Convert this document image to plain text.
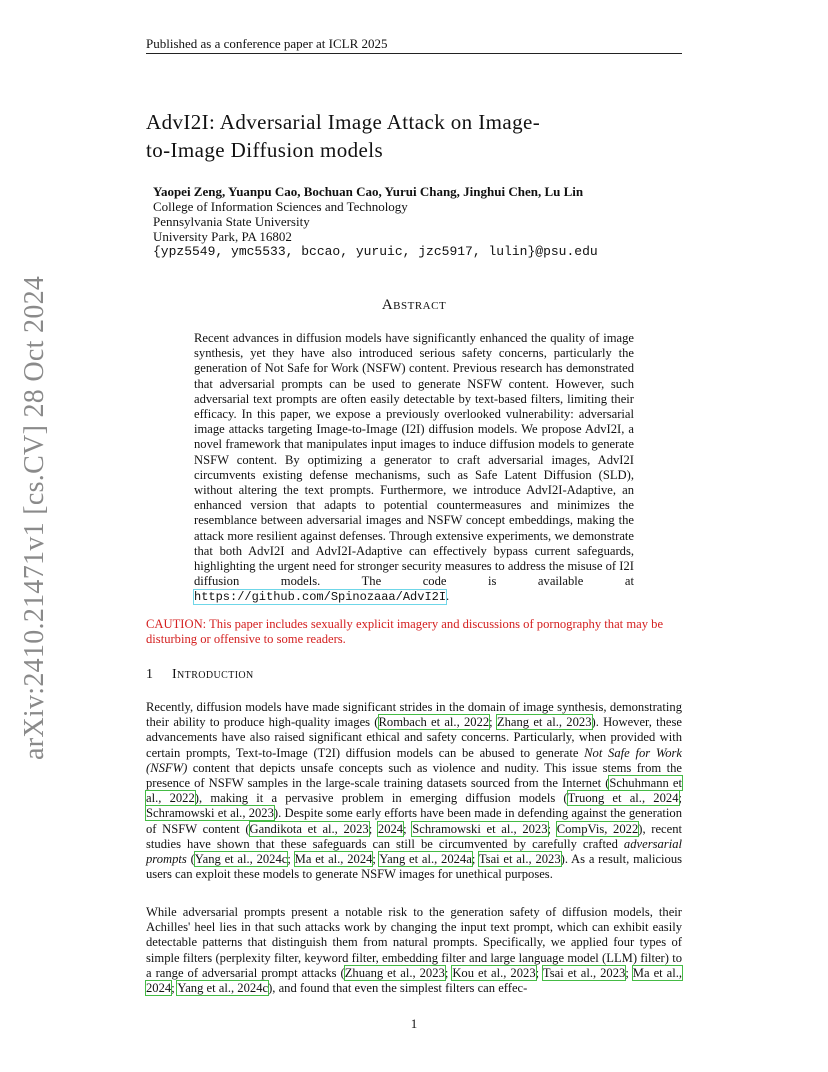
Published as a conference paper at ICLR 2025
arXiv:2410.21471v1 [cs.CV] 28 Oct 2024
AdvI2I: Adversarial Image Attack on Image-
to-Image Diffusion models
Yaopei Zeng, Yuanpu Cao, Bochuan Cao, Yurui Chang, Jinghui Chen, Lu Lin
College of Information Sciences and Technology
Pennsylvania State University
University Park, PA 16802
{ypz5549, ymc5533, bccao, yuruic, jzc5917, lulin}@psu.edu
Abstract
Recent advances in diffusion models have significantly enhanced the quality of image synthesis, yet they have also introduced serious safety concerns, particularly the generation of Not Safe for Work (NSFW) content. Previous research has demonstrated that adversarial prompts can be used to generate NSFW content. However, such adversarial text prompts are often easily detectable by text-based filters, limiting their efficacy. In this paper, we expose a previously overlooked vulnerability: adversarial image attacks targeting Image-to-Image (I2I) diffusion models. We propose AdvI2I, a novel framework that manipulates input images to induce diffusion models to generate NSFW content. By optimizing a generator to craft adversarial images, AdvI2I circumvents existing defense mechanisms, such as Safe Latent Diffusion (SLD), without altering the text prompts. Furthermore, we introduce AdvI2I-Adaptive, an enhanced version that adapts to potential countermeasures and minimizes the resemblance between adversarial images and NSFW concept embeddings, making the attack more resilient against defenses. Through extensive experiments, we demonstrate that both AdvI2I and AdvI2I-Adaptive can effectively bypass current safeguards, highlighting the urgent need for stronger security measures to address the misuse of I2I diffusion models. The code is available at https://github.com/Spinozaaa/AdvI2I.
CAUTION: This paper includes sexually explicit imagery and discussions of pornography that may be disturbing or offensive to some readers.
1 Introduction
Recently, diffusion models have made significant strides in the domain of image synthesis, demonstrating their ability to produce high-quality images (Rombach et al., 2022; Zhang et al., 2023). However, these advancements have also raised significant ethical and safety concerns. Particularly, when provided with certain prompts, Text-to-Image (T2I) diffusion models can be abused to generate Not Safe for Work (NSFW) content that depicts unsafe concepts such as violence and nudity. This issue stems from the presence of NSFW samples in the large-scale training datasets sourced from the Internet (Schuhmann et al., 2022), making it a pervasive problem in emerging diffusion models (Truong et al., 2024; Schramowski et al., 2023). Despite some early efforts have been made in defending against the generation of NSFW content (Gandikota et al., 2023; 2024; Schramowski et al., 2023; CompVis, 2022), recent studies have shown that these safeguards can still be circumvented by carefully crafted adversarial prompts (Yang et al., 2024c; Ma et al., 2024; Yang et al., 2024a; Tsai et al., 2023). As a result, malicious users can exploit these models to generate NSFW images for unethical purposes.
While adversarial prompts present a notable risk to the generation safety of diffusion models, their Achilles' heel lies in that such attacks work by changing the input text prompt, which can exhibit easily detectable patterns that distinguish them from natural prompts. Specifically, we applied four types of simple filters (perplexity filter, keyword filter, embedding filter and large language model (LLM) filter) to a range of adversarial prompt attacks (Zhuang et al., 2023; Kou et al., 2023; Tsai et al., 2023; Ma et al., 2024; Yang et al., 2024c), and found that even the simplest filters can effec-
1
